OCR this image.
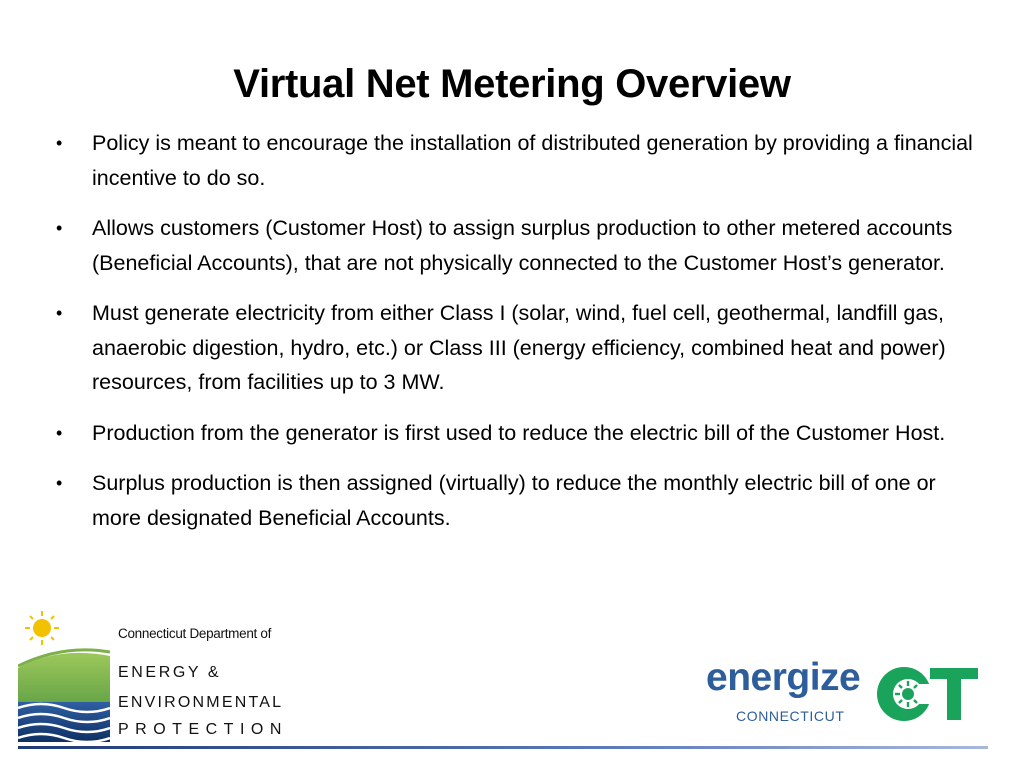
Virtual Net Metering Overview
• Policy is meant to encourage the installation of distributed generation by providing a financial incentive to do so.
• Allows customers (Customer Host) to assign surplus production to other metered accounts (Beneficial Accounts), that are not physically connected to the Customer Host’s generator.
• Must generate electricity from either Class I (solar, wind, fuel cell, geothermal, landfill gas, anaerobic digestion, hydro, etc.) or Class III (energy efficiency, combined heat and power) resources, from facilities up to 3 MW.
• Production from the generator is first used to reduce the electric bill of the Customer Host.
• Surplus production is then assigned (virtually) to reduce the monthly electric bill of one or more designated Beneficial Accounts.
Connecticut Department of
ENERGY &
ENVIRONMENTAL
PROTECTION
energize
CONNECTICUT
